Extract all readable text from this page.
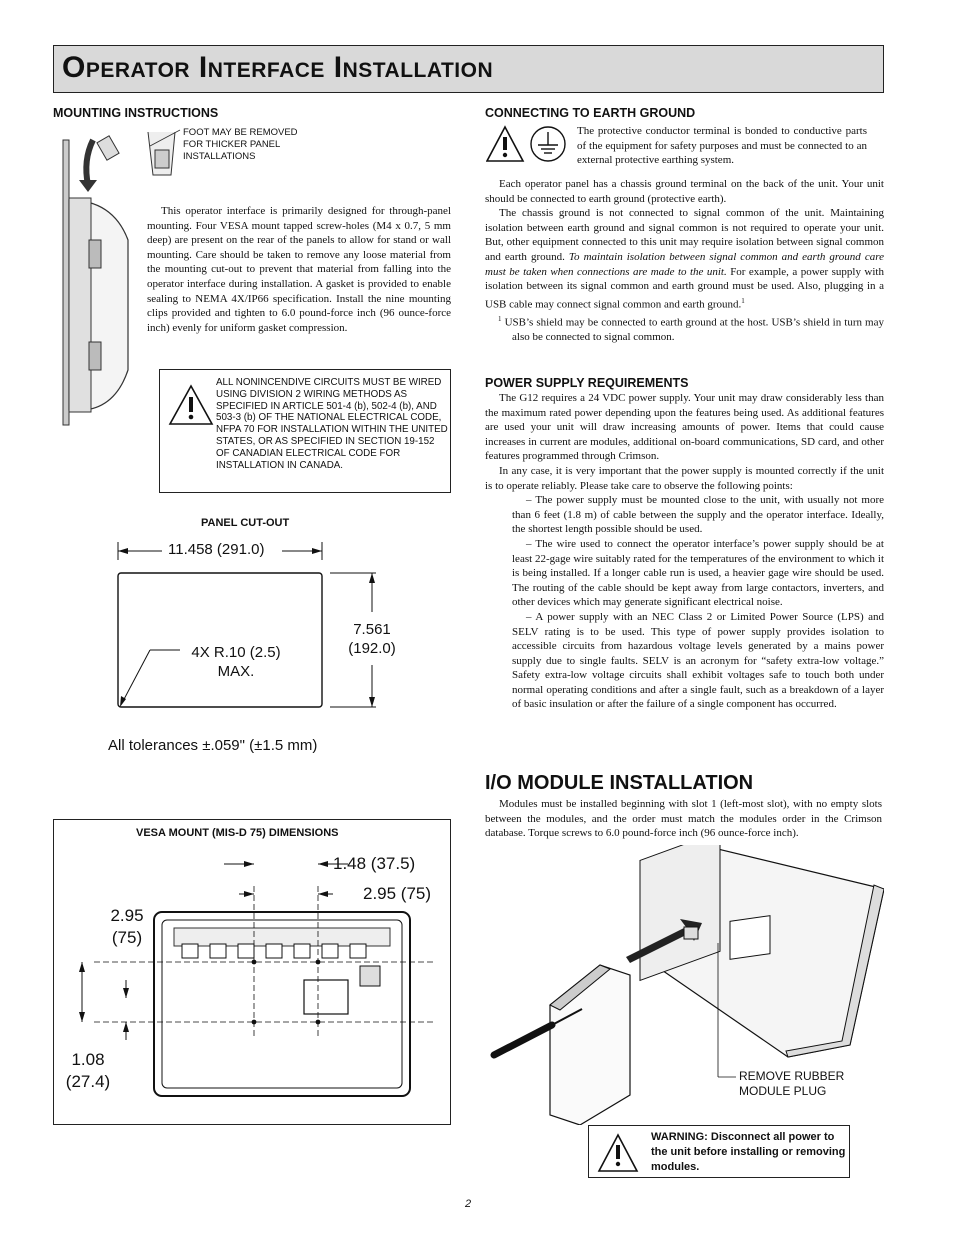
Operator Interface Installation
MOUNTING INSTRUCTIONS
FOOT MAY BE REMOVED
FOR THICKER PANEL
INSTALLATIONS

This operator interface is primarily designed for through-panel mounting. Four VESA mount tapped screw-holes (M4 x 0.7, 5 mm deep) are present on the rear of the panels to allow for stand or wall mounting. Care should be taken to remove any loose material from the mounting cut-out to prevent that material from falling into the operator interface during installation. A gasket is provided to enable sealing to NEMA 4X/IP66 specification. Install the nine mounting clips provided and tighten to 6.0 pound-force inch (96 ounce-force inch) evenly for uniform gasket compression.

ALL NONINCENDIVE CIRCUITS MUST BE WIRED USING DIVISION 2 WIRING METHODS AS SPECIFIED IN ARTICLE 501-4 (b), 502-4 (b), AND 503-3 (b) OF THE NATIONAL ELECTRICAL CODE, NFPA 70 FOR INSTALLATION WITHIN THE UNITED STATES, OR AS SPECIFIED IN SECTION 19-152 OF CANADIAN ELECTRICAL CODE FOR INSTALLATION IN CANADA.
PANEL CUT-OUT
11.458 (291.0)
7.561
(192.0)
4X R.10 (2.5)
MAX.
All tolerances ±.059" (±1.5 mm)
VESA MOUNT (MIS-D 75) DIMENSIONS
1.48 (37.5)
2.95 (75)
2.95
(75)
1.08
(27.4)
CONNECTING TO EARTH GROUND
The protective conductor terminal is bonded to conductive parts of the equipment for safety purposes and must be connected to an external protective earthing system.

Each operator panel has a chassis ground terminal on the back of the unit. Your unit should be connected to earth ground (protective earth).

The chassis ground is not connected to signal common of the unit. Maintaining isolation between earth ground and signal common is not required to operate your unit. But, other equipment connected to this unit may require isolation between signal common and earth ground. To maintain isolation between signal common and earth ground care must be taken when connections are made to the unit. For example, a power supply with isolation between its signal common and earth ground must be used. Also, plugging in a USB cable may connect signal common and earth ground.$^1$

$^1$ USB’s shield may be connected to earth ground at the host. USB’s shield in turn may also be connected to signal common.

POWER SUPPLY REQUIREMENTS

The G12 requires a 24 VDC power supply. Your unit may draw considerably less than the maximum rated power depending upon the features being used. As additional features are used your unit will draw increasing amounts of power. Items that could cause increases in current are modules, additional on-board communications, SD card, and other features programmed through Crimson.

In any case, it is very important that the power supply is mounted correctly if the unit is to operate reliably. Please take care to observe the following points:

– The power supply must be mounted close to the unit, with usually not more than 6 feet (1.8 m) of cable between the supply and the operator interface. Ideally, the shortest length possible should be used.

– The wire used to connect the operator interface’s power supply should be at least 22-gage wire suitably rated for the temperatures of the environment to which it is being installed. If a longer cable run is used, a heavier gage wire should be used. The routing of the cable should be kept away from large contactors, inverters, and other devices which may generate significant electrical noise.

– A power supply with an NEC Class 2 or Limited Power Source (LPS) and SELV rating is to be used. This type of power supply provides isolation to accessible circuits from hazardous voltage levels generated by a mains power supply due to single faults. SELV is an acronym for “safety extra-low voltage.” Safety extra-low voltage circuits shall exhibit voltages safe to touch both under normal operating conditions and after a single fault, such as a breakdown of a layer of basic insulation or after the failure of a single component has occurred.

I/O MODULE INSTALLATION

Modules must be installed beginning with slot 1 (left-most slot), with no empty slots between the modules, and the order must match the modules order in the Crimson database. Torque screws to 6.0 pound-force inch (96 ounce-force inch).

REMOVE RUBBER
MODULE PLUG
WARNING: Disconnect all power to the unit before installing or removing modules.
2
